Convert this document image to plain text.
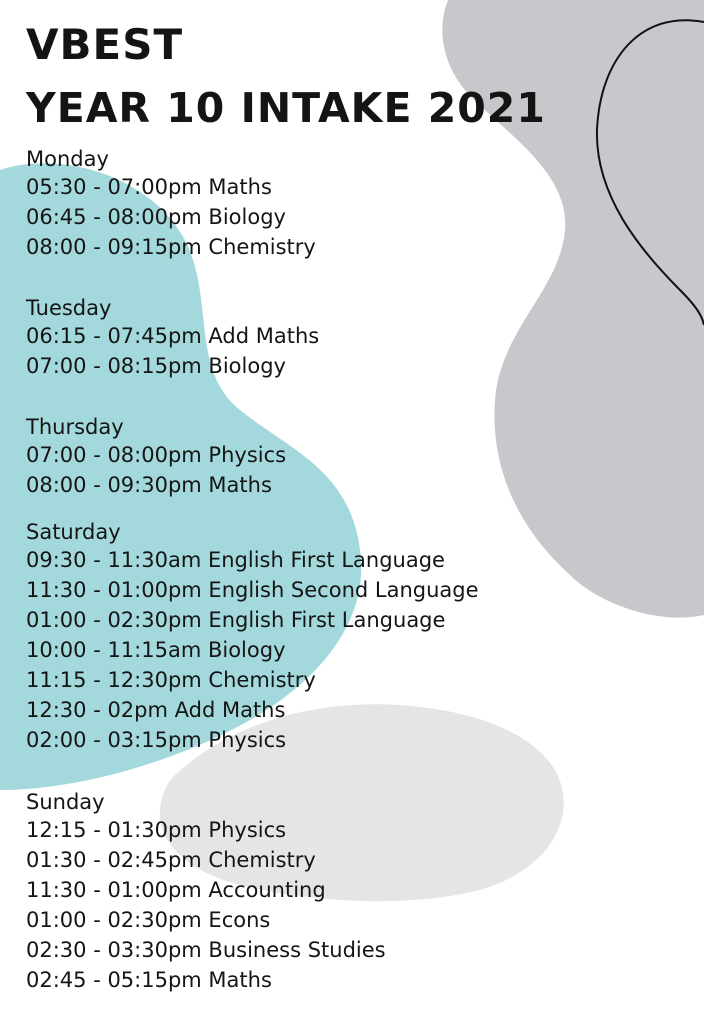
VBEST
YEAR 10 INTAKE 2021
Monday
05:30 - 07:00pm Maths
06:45 - 08:00pm Biology
08:00 - 09:15pm Chemistry
Tuesday
06:15 - 07:45pm Add Maths
07:00 - 08:15pm Biology
Thursday
07:00 - 08:00pm Physics
08:00 - 09:30pm Maths
Saturday
09:30 - 11:30am English First Language
11:30 - 01:00pm English Second Language
01:00 - 02:30pm English First Language
10:00 - 11:15am Biology
11:15 - 12:30pm Chemistry
12:30 - 02pm Add Maths
02:00 - 03:15pm Physics
Sunday
12:15 - 01:30pm Physics
01:30 - 02:45pm Chemistry
11:30 - 01:00pm Accounting
01:00 - 02:30pm Econs
02:30 - 03:30pm Business Studies
02:45 - 05:15pm Maths
